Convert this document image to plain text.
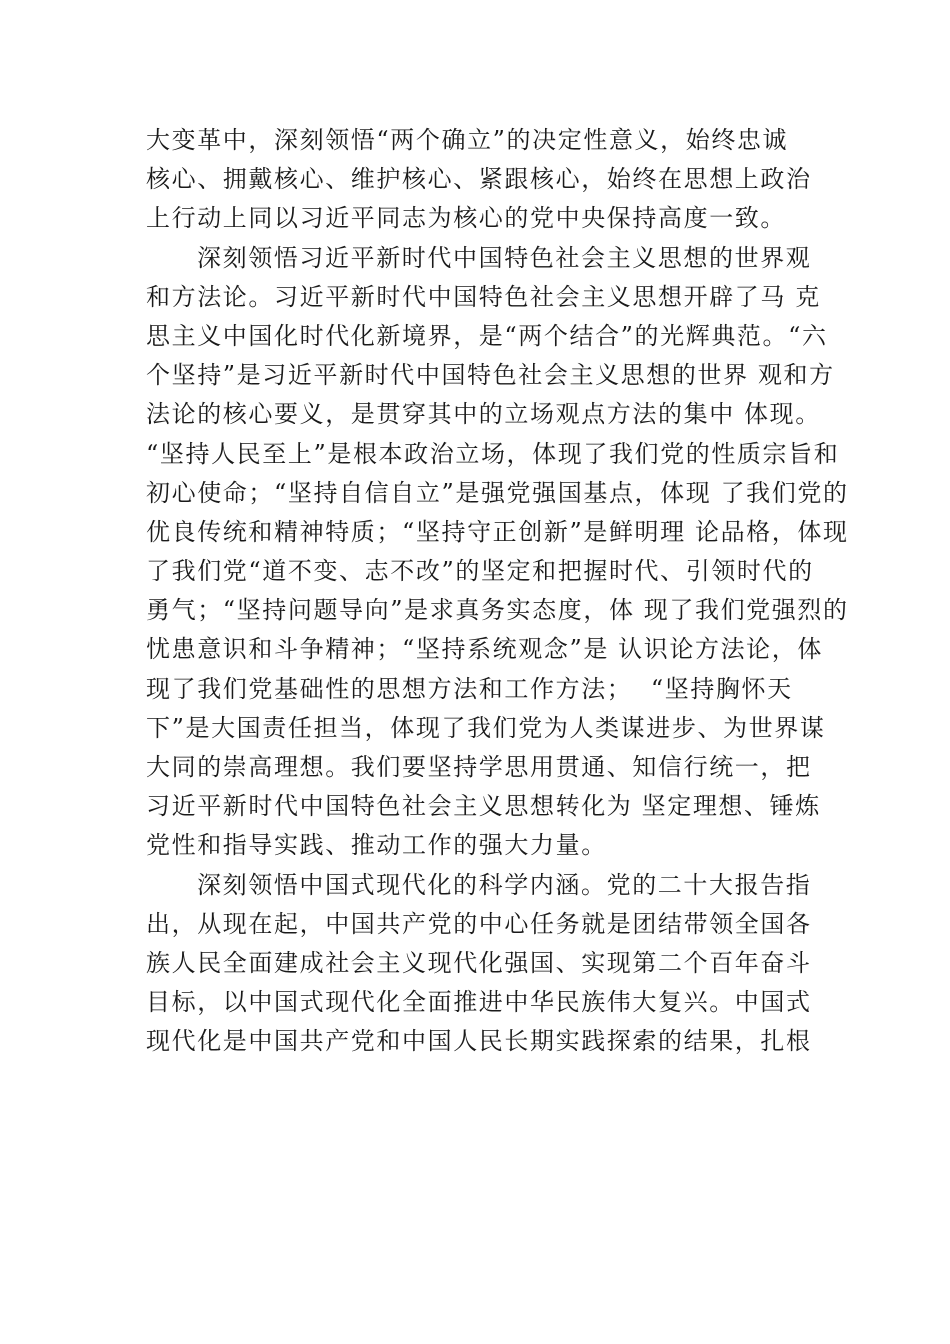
大变革中，深刻领悟“两个确立”的决定性意义，始终忠诚
核心、拥戴核心、维护核心、紧跟核心，始终在思想上政治
上行动上同以习近平同志为核心的党中央保持高度一致。
深刻领悟习近平新时代中国特色社会主义思想的世界观
和方法论。习近平新时代中国特色社会主义思想开辟了马 克
思主义中国化时代化新境界，是“两个结合”的光辉典范。“六
个坚持”是习近平新时代中国特色社会主义思想的世界 观和方
法论的核心要义，是贯穿其中的立场观点方法的集中 体现。
“坚持人民至上”是根本政治立场，体现了我们党的性质宗旨和
初心使命；“坚持自信自立”是强党强国基点，体现 了我们党的
优良传统和精神特质；“坚持守正创新”是鲜明理 论品格，体现
了我们党“道不变、志不改”的坚定和把握时代、引领时代的
勇气；“坚持问题导向”是求真务实态度，体 现了我们党强烈的
忧患意识和斗争精神；“坚持系统观念”是 认识论方法论，体
现了我们党基础性的思想方法和工作方法；  “坚持胸怀天
下”是大国责任担当，体现了我们党为人类谋进步、为世界谋
大同的崇高理想。我们要坚持学思用贯通、知信行统一，把
习近平新时代中国特色社会主义思想转化为 坚定理想、锤炼
党性和指导实践、推动工作的强大力量。
深刻领悟中国式现代化的科学内涵。党的二十大报告指
出，从现在起，中国共产党的中心任务就是团结带领全国各
族人民全面建成社会主义现代化强国、实现第二个百年奋斗
目标，以中国式现代化全面推进中华民族伟大复兴。中国式
现代化是中国共产党和中国人民长期实践探索的结果，扎根
